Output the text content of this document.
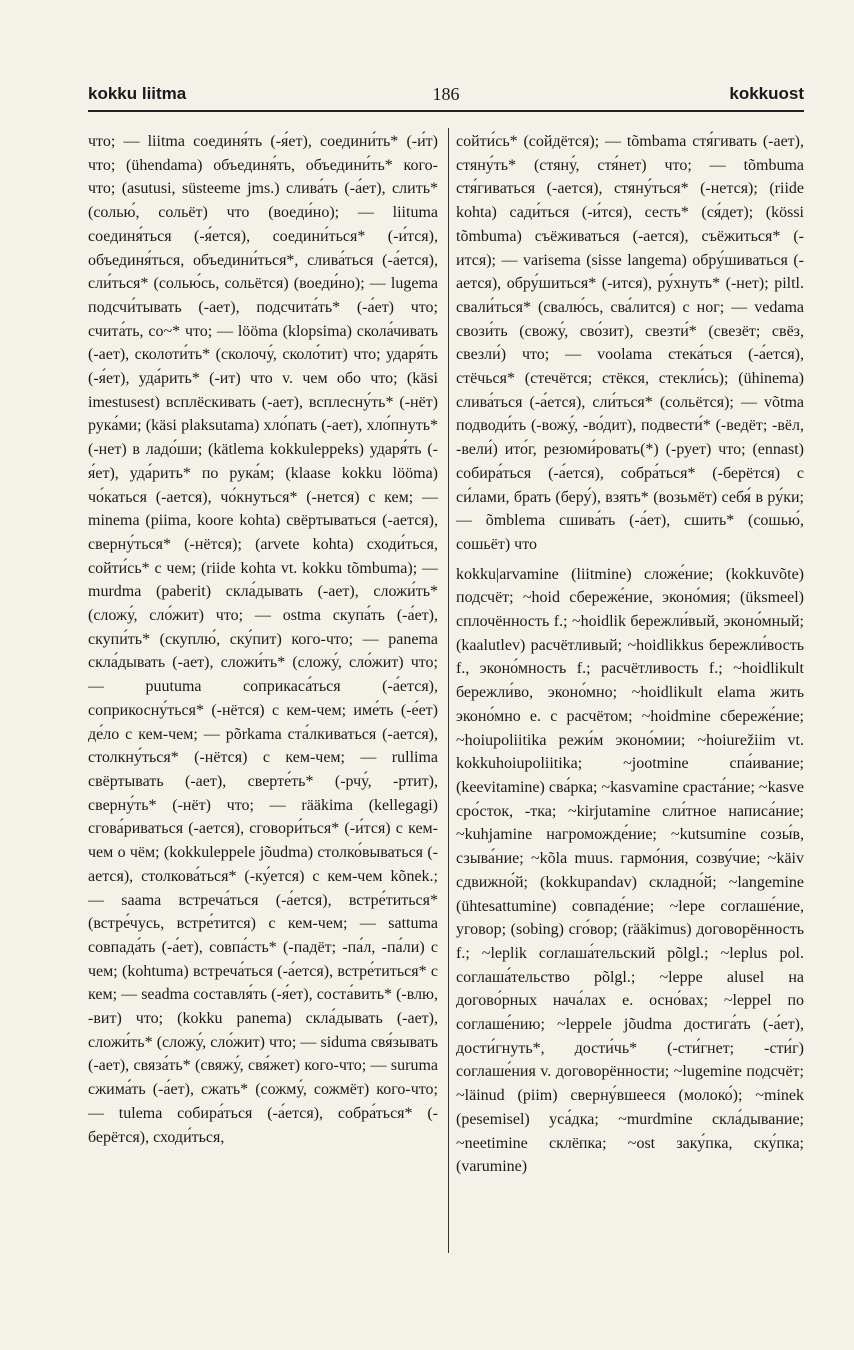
kokku liitma	186	kokkuost

что; — liitma соединя́ть (-я́ет), соедини́ть* (-и́т) что; (ühendama) объединя́ть, объедини́ть* кого-что; (asutusi, süsteeme jms.) слива́ть (-а́ет), слить* (солью́, сольёт) что (воеди́но); — liituma соединя́ться (-я́ется), соедини́ться* (-и́тся), объединя́ться, объедини́ться*, слива́ться (-а́ется), сли́ться* (солью́сь, сольётся) (воеди́но); — lugema подсчи́тывать (-ает), подсчита́ть* (-а́ет) что; счита́ть, со~* что; — lööma (klopsima) скола́чивать (-ает), сколоти́ть* (сколочу́, сколо́тит) что; ударя́ть (-я́ет), уда́рить* (-ит) что v. чем обо что; (käsi imestusest) всплёскивать (-ает), всплесну́ть* (-нёт) рука́ми; (käsi plaksutama) хло́пать (-ает), хло́пнуть* (-нет) в ладо́ши; (kätlema kokkuleppeks) ударя́ть (-я́ет), уда́рить* по рука́м; (klaase kokku lööma) чо́каться (-ается), чо́кнуться* (-нется) с кем; — minema (piima, koore kohta) свёртываться (-ается), сверну́ться* (-нётся); (arvete kohta) сходи́ться, сойти́сь* с чем; (riide kohta vt. kokku tõmbuma); — murdma (paberit) скла́дывать (-ает), сложи́ть* (сложу́, сло́жит) что; — ostma скупа́ть (-а́ет), скупи́ть* (скуплю́, ску́пит) кого-что; — panema скла́дывать (-ает), сложи́ть* (сложу́, сло́жит) что; — puutuma соприкаса́ться (-а́ется), соприкосну́ться* (-нётся) с кем-чем; име́ть (-е́ет) де́ло с кем-чем; — põrkama ста́лкиваться (-ается), столкну́ться* (-нётся) с кем-чем; — rullima свёртывать (-ает), сверте́ть* (-рчу́, -ртит), сверну́ть* (-нёт) что; — rääkima (kellegagi) сгова́риваться (-ается), сговори́ться* (-и́тся) с кем-чем о чём; (kokkuleppele jõudma) столко́вываться (-ается), столкова́ться* (-ку́ется) с кем-чем kõnek.; — saama встреча́ться (-а́ется), встре́титься* (встре́чусь, встре́тится) с кем-чем; — sattuma совпада́ть (-а́ет), совпа́сть* (-падёт; -па́л, -па́ли) с чем; (kohtuma) встреча́ться (-а́ется), встре́титься* с кем; — seadma составля́ть (-я́ет), соста́вить* (-влю, -вит) что; (kokku panema) скла́дывать (-ает), сложи́ть* (сложу́, сло́жит) что; — siduma свя́зывать (-ает), связа́ть* (свяжу́, свя́жет) кого-что; — suruma сжима́ть (-а́ет), сжать* (сожму́, сожмёт) кого-что; — tulema собира́ться (-а́ется), собра́ться* (-берётся), сходи́ться,

сойти́сь* (сойдётся); — tõmbama стя́гивать (-ает), стяну́ть* (стяну́, стя́нет) что; — tõmbuma стя́гиваться (-ается), стяну́ться* (-нется); (riide kohta) сади́ться (-и́тся), сесть* (ся́дет); (kössi tõmbuma) съёживаться (-ается), съёжиться* (-ится); — varisema (sisse langema) обру́шиваться (-ается), обру́шиться* (-ится), ру́хнуть* (-нет); piltl. свали́ться* (свалю́сь, сва́лится) с ног; — vedama свози́ть (свожу́, сво́зит), свезти́* (свезёт; свёз, свезли́) что; — voolama стека́ться (-а́ется), стёчься* (стечётся; стёкся, стекли́сь); (ühinema) слива́ться (-а́ется), сли́ться* (сольётся); — võtma подводи́ть (-вожу́, -во́дит), подвести́* (-ведёт; -вёл, -вели́) ито́г, резюми́ровать(*) (-рует) что; (ennast) собира́ться (-а́ется), собра́ться* (-берётся) с си́лами, брать (беру́), взять* (возьмёт) себя́ в ру́ки; — õmblema сшива́ть (-а́ет), сшить* (сошью́, сошьёт) что

kokku|arvamine (liitmine) сложе́ние; (kokkuvõte) подсчёт; ~hoid сбереже́ние, эконо́мия; (üksmeel) сплочённость f.; ~hoidlik бережли́вый, эконо́мный; (kaalutlev) расчётливый; ~hoidlikkus бережли́вость f., эконо́мность f.; расчётливость f.; ~hoidlikult бережли́во, эконо́мно; ~hoidlikult elama жить эконо́мно e. с расчётом; ~hoidmine сбереже́ние; ~hoiupoliitika режи́м эконо́мии; ~hoiurežiim vt. kokkuhoiupoliitika; ~jootmine спа́ивание; (keevitamine) сва́рка; ~kasvamine сраста́ние; ~kasve сро́сток, -тка; ~kirjutamine сли́тное написа́ние; ~kuhjamine нагроможде́ние; ~kutsumine созы́в, сзыва́ние; ~kõla muus. гармо́ния, созву́чие; ~käiv сдвижно́й; (kokkupandav) складно́й; ~langemine (ühtesattumine) совпаде́ние; ~lepe соглаше́ние, уговор; (sobing) сго́вор; (rääkimus) договорённость f.; ~leplik соглаша́тельский põlgl.; ~leplus pol. соглаша́тельство põlgl.; ~leppe alusel на догово́рных нача́лах e. осно́вах; ~leppel по соглаше́нию; ~leppele jõudma достига́ть (-а́ет), дости́гнуть*, дости́чь* (-сти́гнет; -сти́г) соглаше́ния v. договорённости; ~lugemine подсчёт; ~läinud (piim) сверну́вшееся (молоко́); ~minek (pesemisel) уса́дка; ~murdmine скла́дывание; ~neetimine склёпка; ~ost заку́пка, ску́пка; (varumine)
